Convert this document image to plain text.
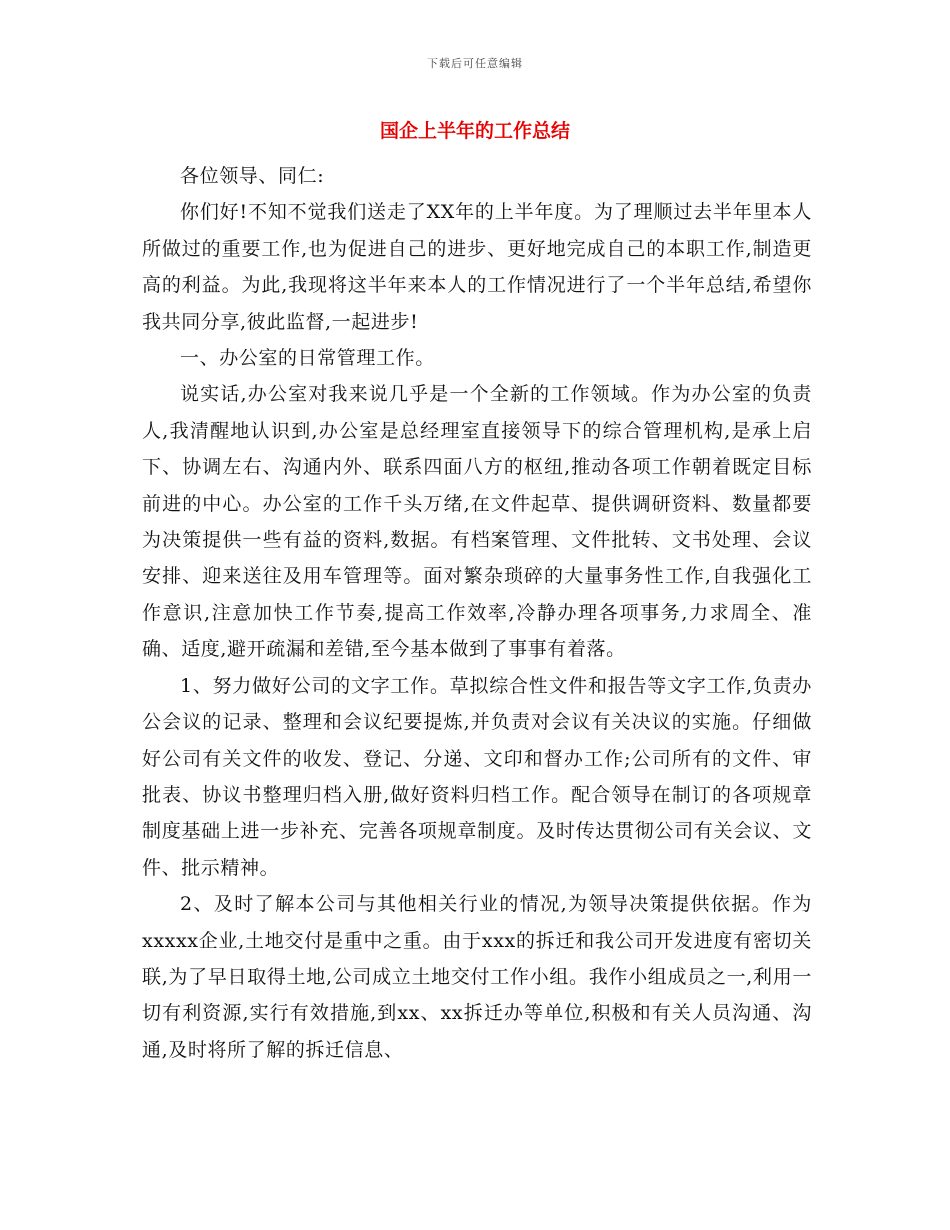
下载后可任意编辑
国企上半年的工作总结

各位领导、同仁:

你们好!不知不觉我们送走了XX年的上半年度。为了理顺过去半年里本人所做过的重要工作,也为促进自己的进步、更好地完成自己的本职工作,制造更高的利益。为此,我现将这半年来本人的工作情况进行了一个半年总结,希望你我共同分享,彼此监督,一起进步!

一、办公室的日常管理工作。

说实话,办公室对我来说几乎是一个全新的工作领域。作为办公室的负责人,我清醒地认识到,办公室是总经理室直接领导下的综合管理机构,是承上启下、协调左右、沟通内外、联系四面八方的枢纽,推动各项工作朝着既定目标前进的中心。办公室的工作千头万绪,在文件起草、提供调研资料、数量都要为决策提供一些有益的资料,数据。有档案管理、文件批转、文书处理、会议安排、迎来送往及用车管理等。面对繁杂琐碎的大量事务性工作,自我强化工作意识,注意加快工作节奏,提高工作效率,冷静办理各项事务,力求周全、准确、适度,避开疏漏和差错,至今基本做到了事事有着落。

1、努力做好公司的文字工作。草拟综合性文件和报告等文字工作,负责办公会议的记录、整理和会议纪要提炼,并负责对会议有关决议的实施。仔细做好公司有关文件的收发、登记、分递、文印和督办工作;公司所有的文件、审批表、协议书整理归档入册,做好资料归档工作。配合领导在制订的各项规章制度基础上进一步补充、完善各项规章制度。及时传达贯彻公司有关会议、文件、批示精神。

2、及时了解本公司与其他相关行业的情况,为领导决策提供依据。作为xxxxx企业,土地交付是重中之重。由于xxx的拆迁和我公司开发进度有密切关联,为了早日取得土地,公司成立土地交付工作小组。我作小组成员之一,利用一切有利资源,实行有效措施,到xx、xx拆迁办等单位,积极和有关人员沟通、沟通,及时将所了解的拆迁信息、
